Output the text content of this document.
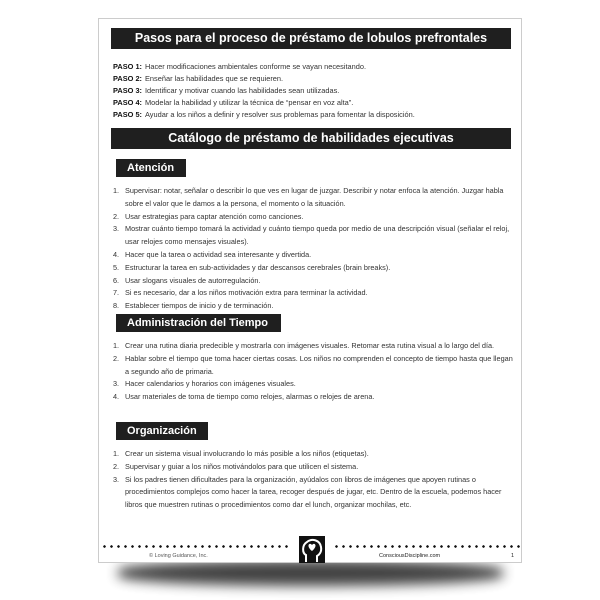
Pasos para el proceso de préstamo de lobulos prefrontales
PASO 1: Hacer modificaciones ambientales conforme se vayan necesitando.
PASO 2: Enseñar las habilidades que se requieren.
PASO 3: Identificar y motivar cuando las habilidades sean utilizadas.
PASO 4: Modelar la habilidad y utilizar la técnica de “pensar en voz alta”.
PASO 5: Ayudar a los niños a definir y resolver sus problemas para fomentar la disposición.
Catálogo de préstamo de habilidades ejecutivas
Atención
1. Supervisar: notar, señalar o describir lo que ves en lugar de juzgar. Describir y notar enfoca la atención. Juzgar habla sobre el valor que le damos a la persona, el momento o la situación.
2. Usar estrategias para captar atención como canciones.
3. Mostrar cuánto tiempo tomará la actividad y cuánto tiempo queda por medio de una descripción visual (señalar el reloj, usar relojes como mensajes visuales).
4. Hacer que la tarea o actividad sea interesante y divertida.
5. Estructurar la tarea en sub-actividades y dar descansos cerebrales (brain breaks).
6. Usar slogans visuales de autorregulación.
7. Si es necesario, dar a los niños motivación extra para terminar la actividad.
8. Establecer tiempos de inicio y de terminación.
Administración del Tiempo
1. Crear una rutina diaria predecible y mostrarla con imágenes visuales. Retomar esta rutina visual a lo largo del día.
2. Hablar sobre el tiempo que toma hacer ciertas cosas. Los niños no comprenden el concepto de tiempo hasta que llegan a segundo año de primaria.
3. Hacer calendarios y horarios con imágenes visuales.
4. Usar materiales de toma de tiempo como relojes, alarmas o relojes de arena.
Organización
1. Crear un sistema visual involucrando lo más posible a los niños (etiquetas).
2. Supervisar y guiar a los niños motivándolos para que utilicen el sistema.
3. Si los padres tienen dificultades para la organización, ayúdalos con libros de imágenes que apoyen rutinas o procedimientos complejos como hacer la tarea, recoger después de jugar, etc. Dentro de la escuela, podemos hacer libros que muestren rutinas o procedimientos como dar el lunch, organizar mochilas, etc.
© Loving Guidance, Inc.	ConsciousDiscipline.com	1
